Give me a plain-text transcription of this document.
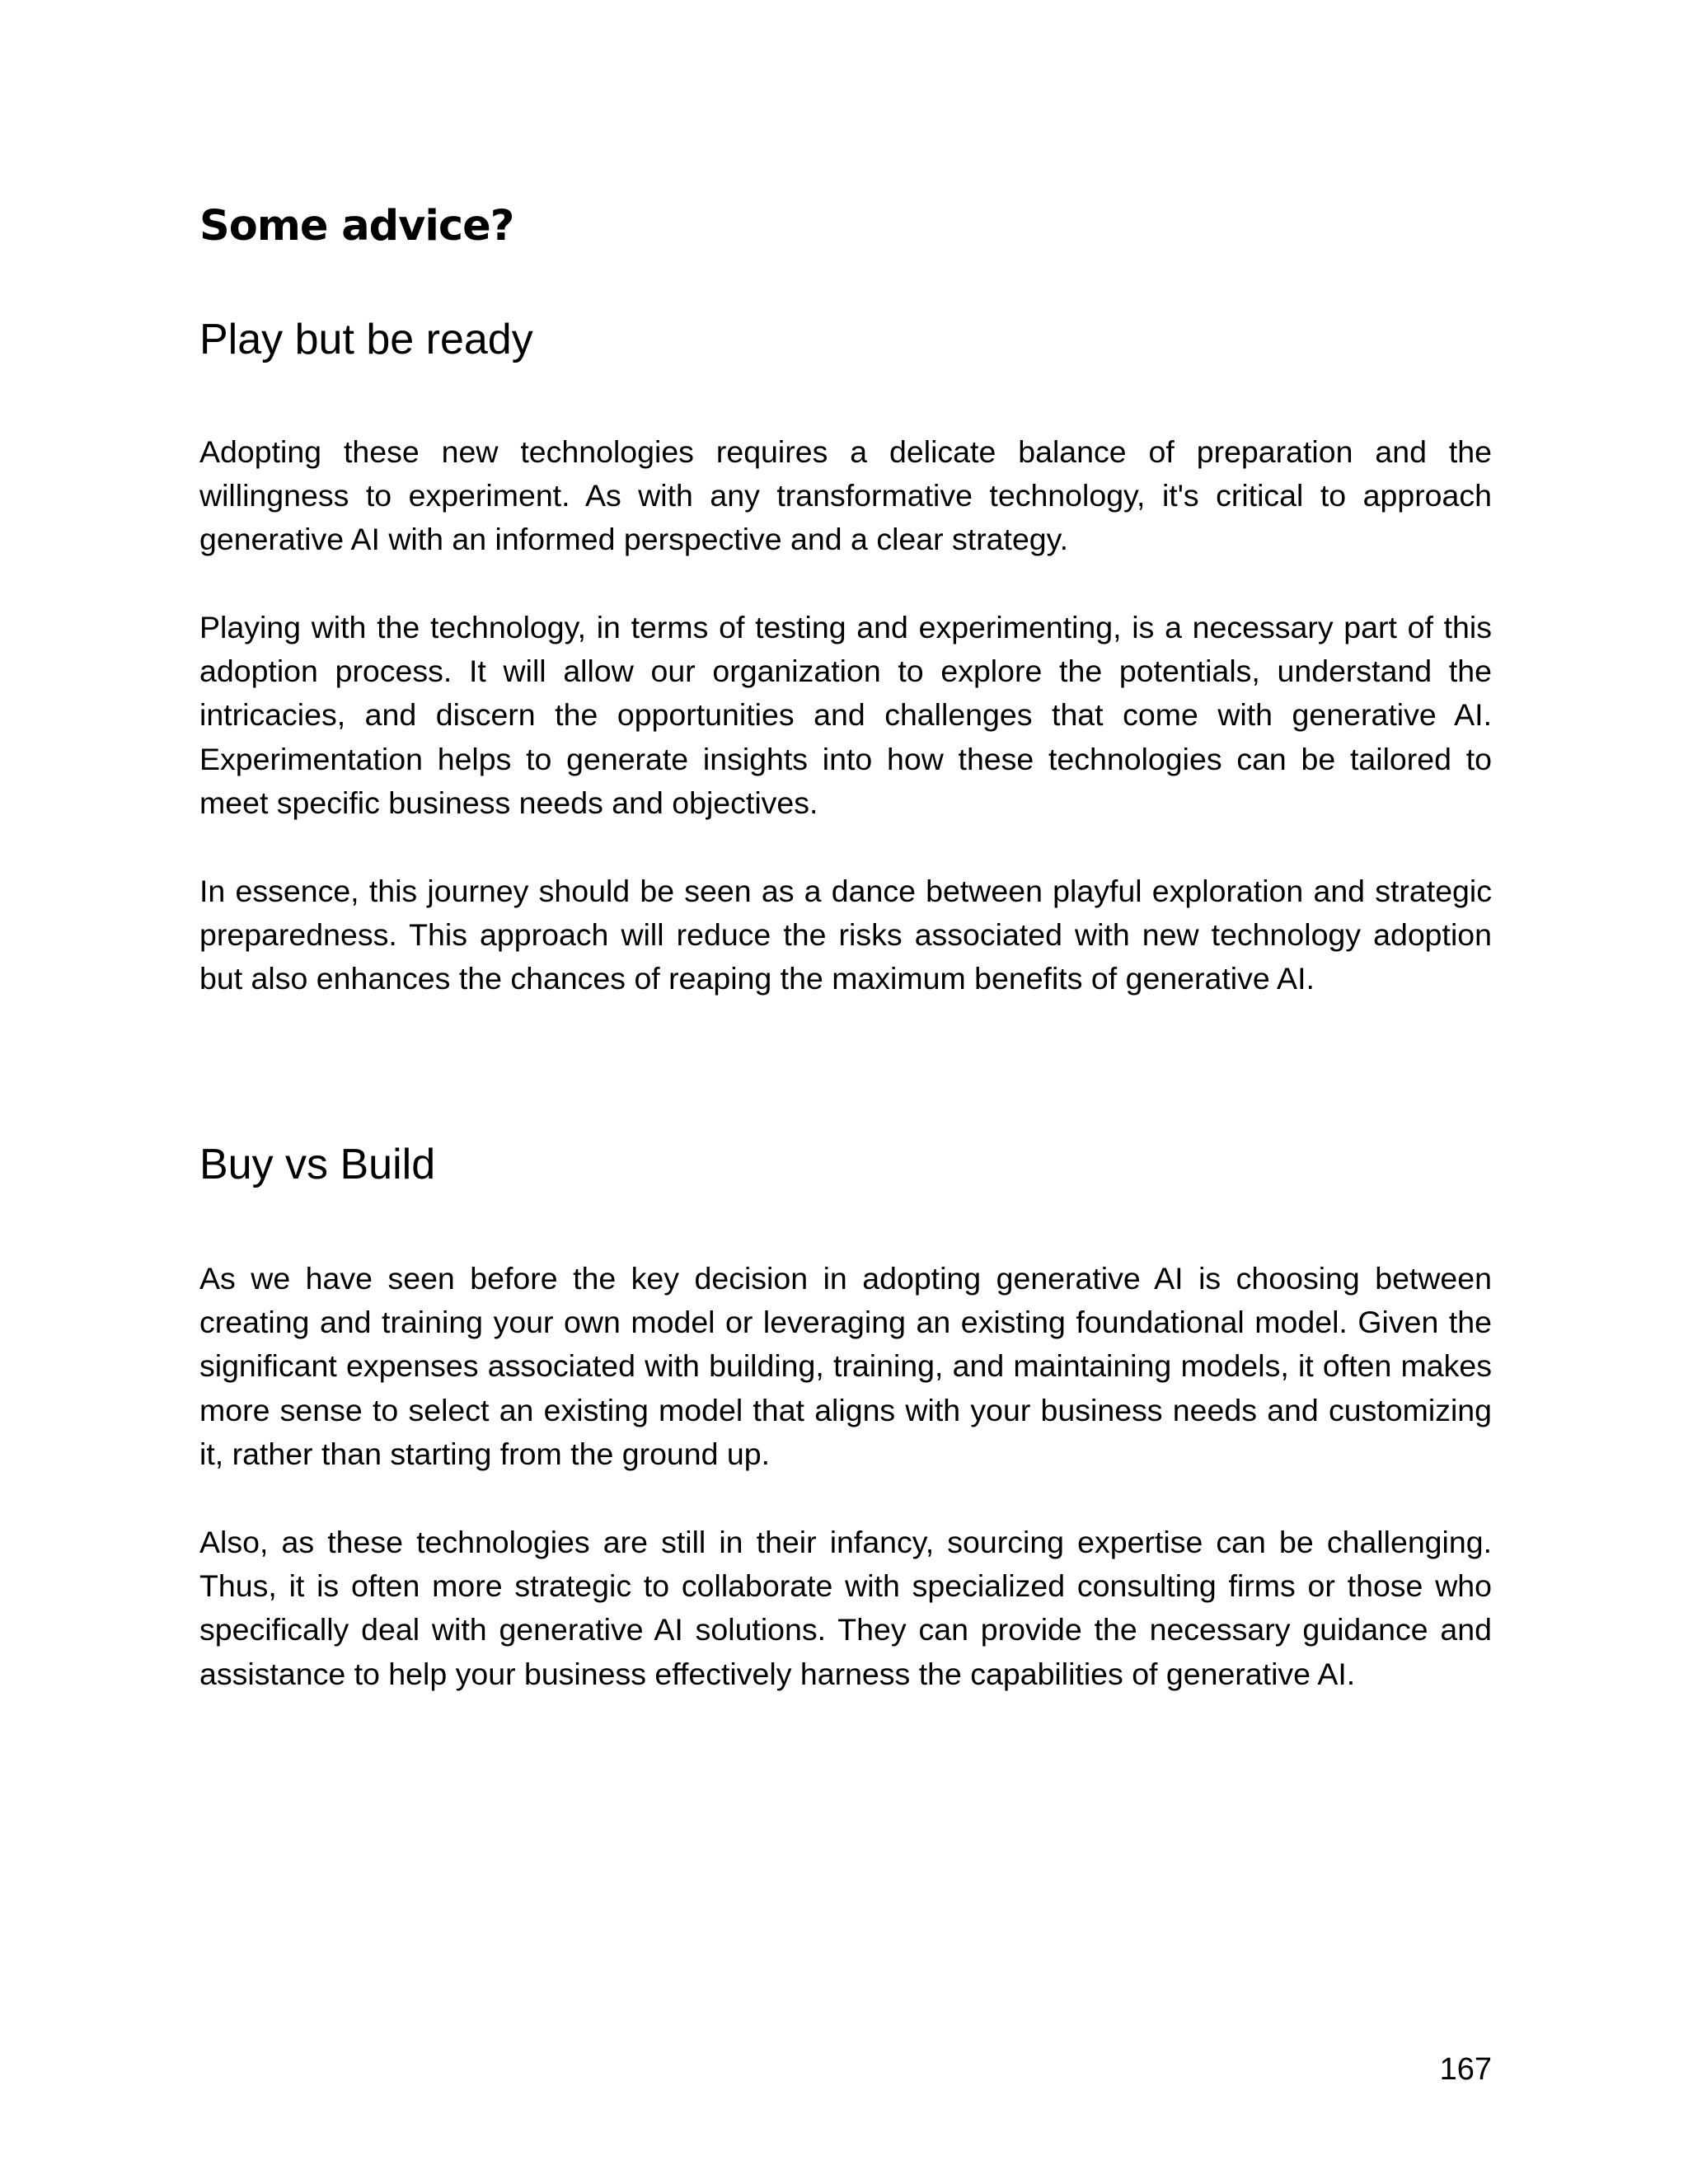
Some advice?
Play but be ready

Adopting these new technologies requires a delicate balance of preparation and the willingness to experiment. As with any transformative technology, it's critical to approach generative AI with an informed perspective and a clear strategy.

Playing with the technology, in terms of testing and experimenting, is a necessary part of this adoption process. It will allow our organization to explore the potentials, understand the intricacies, and discern the opportunities and challenges that come with generative AI. Experimentation helps to generate insights into how these technologies can be tailored to meet specific business needs and objectives.

In essence, this journey should be seen as a dance between playful exploration and strategic preparedness. This approach will reduce the risks associated with new technology adoption but also enhances the chances of reaping the maximum benefits of generative AI.

Buy vs Build

As we have seen before the key decision in adopting generative AI is choosing between creating and training your own model or leveraging an existing foundational model. Given the significant expenses associated with building, training, and maintaining models, it often makes more sense to select an existing model that aligns with your business needs and customizing it, rather than starting from the ground up.

Also, as these technologies are still in their infancy, sourcing expertise can be challenging. Thus, it is often more strategic to collaborate with specialized consulting firms or those who specifically deal with generative AI solutions. They can provide the necessary guidance and assistance to help your business effectively harness the capabilities of generative AI.

167
